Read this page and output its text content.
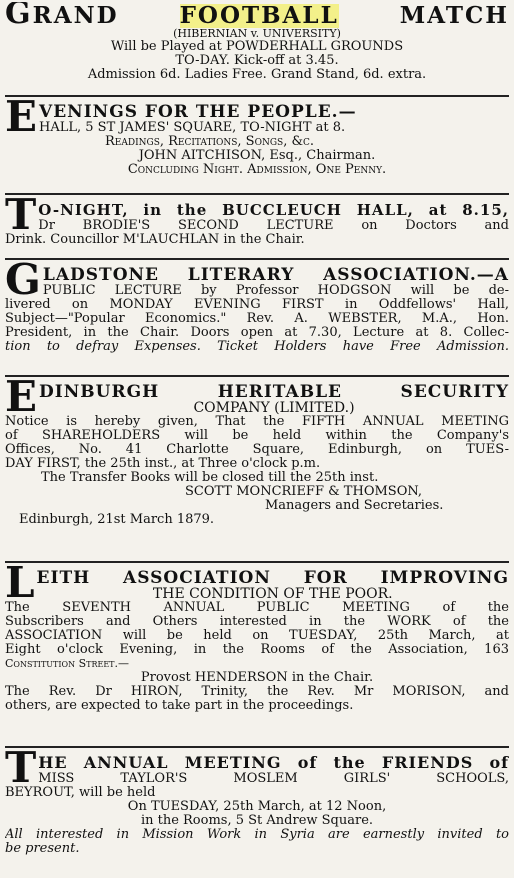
GRAND	FOOTBALL	MATCH
(HIBERNIAN v. UNIVERSITY)
Will be Played at POWDERHALL GROUNDS
TO-DAY. Kick-off at 3.45.
Admission 6d. Ladies Free. Grand Stand, 6d. extra.
E VENINGS FOR THE PEOPLE.—
HALL, 5 ST JAMES' SQUARE, TO-NIGHT at 8.
Readings, Recitations, Songs, &c.
JOHN AITCHISON, Esq., Chairman.
Concluding Night. Admission, One Penny.
T O-NIGHT, in the BUCCLEUCH HALL, at 8.15,
Dr BRODIE'S SECOND LECTURE on Doctors and
Drink. Councillor M'LAUCHLAN in the Chair.
G LADSTONE LITERARY ASSOCIATION.—A
PUBLIC LECTURE by Professor HODGSON will be de-
livered on MONDAY EVENING FIRST in Oddfellows' Hall,
Subject—"Popular Economics." Rev. A. WEBSTER, M.A., Hon.
President, in the Chair. Doors open at 7.30, Lecture at 8. Collec-
tion to defray Expenses. Ticket Holders have Free Admission.
E DINBURGH HERITABLE SECURITY
COMPANY (LIMITED.)
Notice is hereby given, That the FIFTH ANNUAL MEETING
of SHAREHOLDERS will be held within the Company's
Offices, No. 41 Charlotte Square, Edinburgh, on TUES-
DAY FIRST, the 25th inst., at Three o'clock p.m.
The Transfer Books will be closed till the 25th inst.
SCOTT MONCRIEFF & THOMSON,
Managers and Secretaries.
Edinburgh, 21st March 1879.
L EITH ASSOCIATION FOR IMPROVING
THE CONDITION OF THE POOR.
The SEVENTH ANNUAL PUBLIC MEETING of the
Subscribers and Others interested in the WORK of the
ASSOCIATION will be held on TUESDAY, 25th March, at
Eight o'clock Evening, in the Rooms of the Association, 163
Constitution Street.—
Provost HENDERSON in the Chair.
The Rev. Dr HIRON, Trinity, the Rev. Mr MORISON, and
others, are expected to take part in the proceedings.
T HE ANNUAL MEETING of the FRIENDS of
MISS TAYLOR'S MOSLEM GIRLS' SCHOOLS,
BEYROUT, will be held
On TUESDAY, 25th March, at 12 Noon,
in the Rooms, 5 St Andrew Square.
All interested in Mission Work in Syria are earnestly invited to
be present.
